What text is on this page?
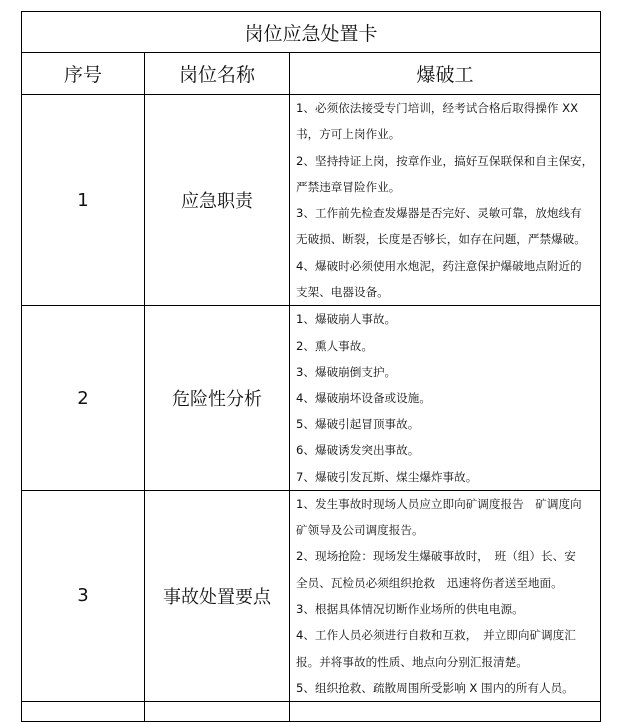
岗位应急处置卡		
序号	岗位名称	爆破工
1	应急职责	
1、必须依法接受专门培训，经考试合格后取得操作 XX
书，方可上岗作业。
2、坚持持证上岗，按章作业，搞好互保联保和自主保安，
严禁违章冒险作业。
3、工作前先检查发爆器是否完好、灵敏可靠，放炮线有
无破损、断裂，长度是否够长，如存在问题，严禁爆破。
4、爆破时必须使用水炮泥，药注意保护爆破地点附近的
支架、电器设备。

2	危险性分析	
1、爆破崩人事故。
2、熏人事故。
3、爆破崩倒支护。
4、爆破崩坏设备或设施。
5、爆破引起冒顶事故。
6、爆破诱发突出事故。
7、爆破引发瓦斯、煤尘爆炸事故。

3	事故处置要点	
1、发生事故时现场人员应立即向矿调度报告　矿调度向
矿领导及公司调度报告。
2、现场抢险：现场发生爆破事故时，　班（组）长、安
全员、瓦检员必须组织抢救　迅速将伤者送至地面。
3、根据具体情况切断作业场所的供电电源。
4、工作人员必须进行自救和互救，　并立即向矿调度汇
报。并将事故的性质、地点向分别汇报清楚。
5、组织抢救、疏散周围所受影响 X 围内的所有人员。
